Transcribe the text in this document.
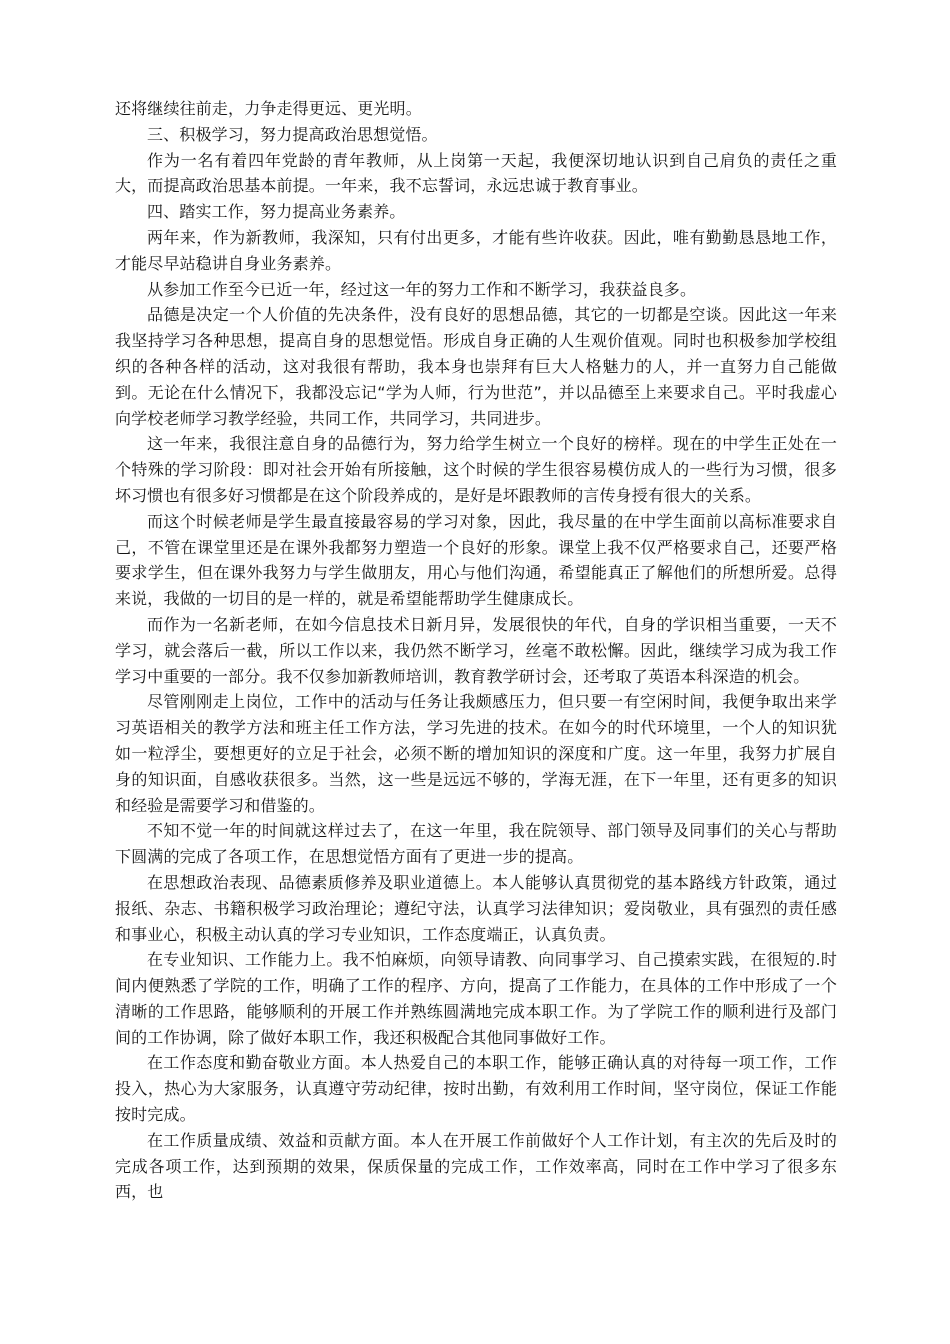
还将继续往前走，力争走得更远、更光明。

三、积极学习，努力提高政治思想觉悟。

作为一名有着四年党龄的青年教师，从上岗第一天起，我便深切地认识到自己肩负的责任之重大，而提高政治思基本前提。一年来，我不忘誓词，永远忠诚于教育事业。

四、踏实工作，努力提高业务素养。

两年来，作为新教师，我深知，只有付出更多，才能有些许收获。因此，唯有勤勤恳恳地工作，才能尽早站稳讲自身业务素养。

从参加工作至今已近一年，经过这一年的努力工作和不断学习，我获益良多。

品德是决定一个人价值的先决条件，没有良好的思想品德，其它的一切都是空谈。因此这一年来我坚持学习各种思想，提高自身的思想觉悟。形成自身正确的人生观价值观。同时也积极参加学校组织的各种各样的活动，这对我很有帮助，我本身也崇拜有巨大人格魅力的人，并一直努力自己能做到。无论在什么情况下，我都没忘记“学为人师，行为世范”，并以品德至上来要求自己。平时我虚心向学校老师学习教学经验，共同工作，共同学习，共同进步。

这一年来，我很注意自身的品德行为，努力给学生树立一个良好的榜样。现在的中学生正处在一个特殊的学习阶段：即对社会开始有所接触，这个时候的学生很容易模仿成人的一些行为习惯，很多坏习惯也有很多好习惯都是在这个阶段养成的，是好是坏跟教师的言传身授有很大的关系。

而这个时候老师是学生最直接最容易的学习对象，因此，我尽量的在中学生面前以高标准要求自己，不管在课堂里还是在课外我都努力塑造一个良好的形象。课堂上我不仅严格要求自己，还要严格要求学生，但在课外我努力与学生做朋友，用心与他们沟通，希望能真正了解他们的所想所爱。总得来说，我做的一切目的是一样的，就是希望能帮助学生健康成长。

而作为一名新老师，在如今信息技术日新月异，发展很快的年代，自身的学识相当重要，一天不学习，就会落后一截，所以工作以来，我仍然不断学习，丝毫不敢松懈。因此，继续学习成为我工作学习中重要的一部分。我不仅参加新教师培训，教育教学研讨会，还考取了英语本科深造的机会。

尽管刚刚走上岗位，工作中的活动与任务让我颇感压力，但只要一有空闲时间，我便争取出来学习英语相关的教学方法和班主任工作方法，学习先进的技术。在如今的时代环境里，一个人的知识犹如一粒浮尘，要想更好的立足于社会，必须不断的增加知识的深度和广度。这一年里，我努力扩展自身的知识面，自感收获很多。当然，这一些是远远不够的，学海无涯，在下一年里，还有更多的知识和经验是需要学习和借鉴的。

不知不觉一年的时间就这样过去了，在这一年里，我在院领导、部门领导及同事们的关心与帮助下圆满的完成了各项工作，在思想觉悟方面有了更进一步的提高。

在思想政治表现、品德素质修养及职业道德上。本人能够认真贯彻党的基本路线方针政策，通过报纸、杂志、书籍积极学习政治理论；遵纪守法，认真学习法律知识；爱岗敬业，具有强烈的责任感和事业心，积极主动认真的学习专业知识，工作态度端正，认真负责。

在专业知识、工作能力上。我不怕麻烦，向领导请教、向同事学习、自己摸索实践，在很短的.时间内便熟悉了学院的工作，明确了工作的程序、方向，提高了工作能力，在具体的工作中形成了一个清晰的工作思路，能够顺利的开展工作并熟练圆满地完成本职工作。为了学院工作的顺利进行及部门间的工作协调，除了做好本职工作，我还积极配合其他同事做好工作。

在工作态度和勤奋敬业方面。本人热爱自己的本职工作，能够正确认真的对待每一项工作，工作投入，热心为大家服务，认真遵守劳动纪律，按时出勤，有效利用工作时间，坚守岗位，保证工作能按时完成。

在工作质量成绩、效益和贡献方面。本人在开展工作前做好个人工作计划，有主次的先后及时的完成各项工作，达到预期的效果，保质保量的完成工作，工作效率高，同时在工作中学习了很多东西，也
